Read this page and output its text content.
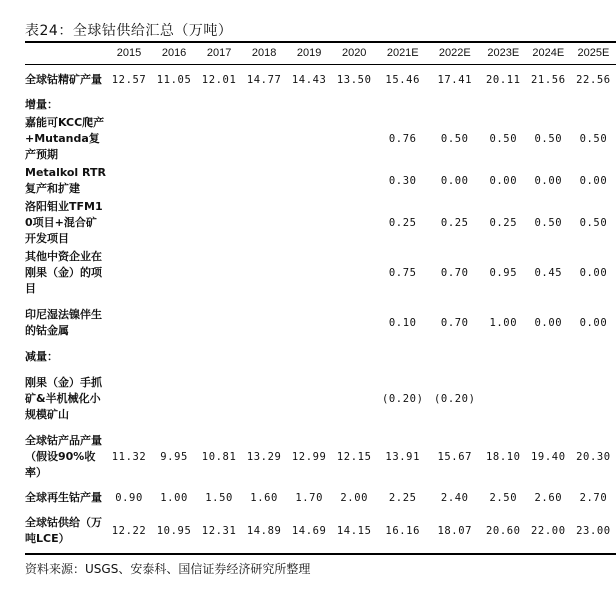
表24：全球钴供给汇总（万吨）
	2015	2016	2017	2018	2019	2020	2021E	2022E	2023E	2024E	2025E
全球钴精矿产量	12.57	11.05	12.01	14.77	14.43	13.50	15.46	17.41	20.11	21.56	22.56
增量：											
嘉能可KCC爬产+Mutanda复产预期							0.76	0.50	0.50	0.50	0.50
Metalkol RTR复产和扩建							0.30	0.00	0.00	0.00	0.00
洛阳钼业TFM10项目+混合矿开发项目							0.25	0.25	0.25	0.50	0.50
其他中资企业在刚果（金）的项目							0.75	0.70	0.95	0.45	0.00
印尼湿法镍伴生的钴金属							0.10	0.70	1.00	0.00	0.00
减量：											
刚果（金）手抓矿&半机械化小规模矿山							(0.20)	(0.20)			
全球钴产品产量（假设90%收率）	11.32	9.95	10.81	13.29	12.99	12.15	13.91	15.67	18.10	19.40	20.30
全球再生钴产量	0.90	1.00	1.50	1.60	1.70	2.00	2.25	2.40	2.50	2.60	2.70
全球钴供给（万吨LCE）	12.22	10.95	12.31	14.89	14.69	14.15	16.16	18.07	20.60	22.00	23.00
资料来源：USGS、安泰科、国信证券经济研究所整理
